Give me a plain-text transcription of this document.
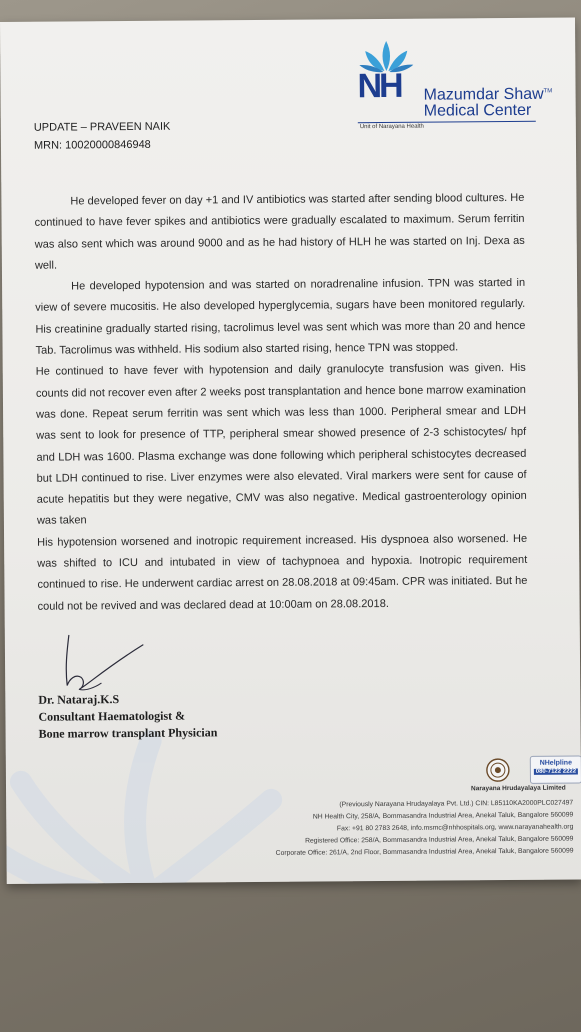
NH Mazumdar Shaw™
Medical Center
Unit of Narayana Health
UPDATE – PRAVEEN NAIK
MRN: 10020000846948

He developed fever on day +1 and IV antibiotics was started after sending blood cultures. He continued to have fever spikes and antibiotics were gradually escalated to maximum. Serum ferritin was also sent which was around 9000 and as he had history of HLH he was started on Inj. Dexa as well.

He developed hypotension and was started on noradrenaline infusion. TPN was started in view of severe mucositis. He also developed hyperglycemia, sugars have been monitored regularly. His creatinine gradually started rising, tacrolimus level was sent which was more than 20 and hence Tab. Tacrolimus was withheld. His sodium also started rising, hence TPN was stopped.

He continued to have fever with hypotension and daily granulocyte transfusion was given. His counts did not recover even after 2 weeks post transplantation and hence bone marrow examination was done. Repeat serum ferritin was sent which was less than 1000. Peripheral smear and LDH was sent to look for presence of TTP, peripheral smear showed presence of 2-3 schistocytes/ hpf and LDH was 1600. Plasma exchange was done following which peripheral schistocytes decreased but LDH continued to rise. Liver enzymes were also elevated. Viral markers were sent for cause of acute hepatitis but they were negative, CMV was also negative. Medical gastroenterology opinion was taken

His hypotension worsened and inotropic requirement increased. His dyspnoea also worsened. He was shifted to ICU and intubated in view of tachypnoea and hypoxia. Inotropic requirement continued to rise. He underwent cardiac arrest on 28.08.2018 at 09:45am. CPR was initiated. But he could not be revived and was declared dead at 10:00am on 28.08.2018.

Dr. Nataraj.K.S
Consultant Haematologist &
Bone marrow transplant Physician
NHelpline
080-7122 2222
Narayana Hrudayalaya Limited
(Previously Narayana Hrudayalaya Pvt. Ltd.) CIN: L85110KA2000PLC027497
NH Health City, 258/A, Bommasandra Industrial Area, Anekal Taluk, Bangalore 560099
Fax: +91 80 2783 2648, info.msmc@nhhospitals.org, www.narayanahealth.org
Registered Office: 258/A, Bommasandra Industrial Area, Anekal Taluk, Bangalore 560099
Corporate Office: 261/A, 2nd Floor, Bommasandra Industrial Area, Anekal Taluk, Bangalore 560099
